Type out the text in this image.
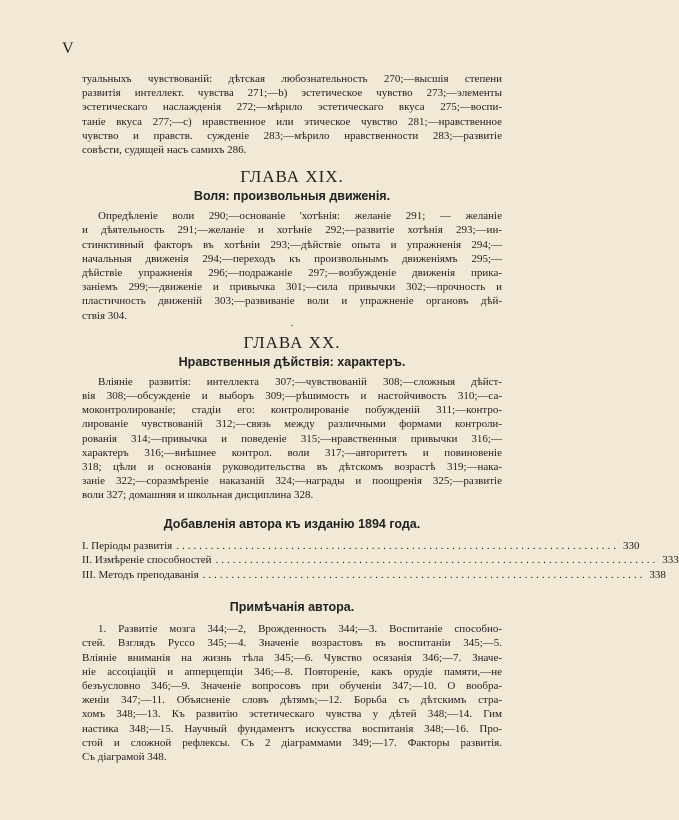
V

туальныхъ чувствованій: дѣтская любознательность 270;—высшія степени
развитія интеллект. чувства 271;—b) эстетическое чувство 273;—элементы
эстетическаго наслажденія 272;—мѣрило эстетическаго вкуса 275;—воспи-
таніе вкуса 277;—c) нравственное или этическое чувство 281;—нравственное
чувство и правств. сужденіе 283;—мѣрило нравственности 283;—развитіе
совѣсти, судящей насъ самихъ 286.

ГЛАВА XIX.
Воля: произвольныя движенія.

Опредѣленіе воли 290;—основаніе 'хотѣнія: желаніе 291; — желаніе
и дѣятельность 291;—желаніе и хотѣніе 292;—развитіе хотѣнія 293;—ин-
стинктивный факторъ въ хотѣніи 293;—дѣйствіе опыта и упражненія 294;—
начальныя движенія 294;—переходъ къ произвольнымъ движеніямъ 295;—
дѣйствіе упражненія 296;—подражаніе 297;—возбужденіе движенія прика-
заніемъ 299;—движеніе и привычка 301;—сила привычки 302;—прочность и
пластичность движеній 303;—развиваніе воли и упражненіе органовъ дѣй-
ствія 304.

·
ГЛАВА XX.
Нравственныя дѣйствія: характеръ.

Вліяніе развитія: интеллекта 307;—чувствованій 308;—сложныя дѣйст-
вія 308;—обсужденіе и выборъ 309;—рѣшимость и настойчивость 310;—са-
моконтролированіе; стадіи его: контролированіе побужденій 311;—контро-
лированіе чувствованій 312;—связь между различными формами контроли-
рованія 314;—привычка и поведеніе 315;—нравственныя привычки 316;—
характеръ 316;—внѣшнее контрол. воли 317;—авторитетъ и повиновеніе
318; цѣли и основанія руководительства въ дѣтскомъ возрастѣ 319;—нака-
заніе 322;—соразмѣреніе наказаній 324;—награды и поощренія 325;—развитіе
воли 327; домашняя и школьная дисциплина 328.

Добавленія автора къ изданію 1894 года.
I. Періоды развитія ............................................................................. 330
II. Измѣреніе способностей ............................................................................. 333
III. Методъ преподаванія ............................................................................. 338
Примѣчанія автора.

1. Развитіе мозга 344;—2, Врожденность 344;—3. Воспитаніе способно-
стей. Взглядъ Руссо 345;—4. Значеніе возрастовъ въ воспитаніи 345;—5.
Вліяніе вниманія на жизнь тѣла 345;—6. Чувство осязанія 346;—7. Значе-
ніе ассоціацій и апперцепціи 346;—8. Повтореніе, какъ орудіе памяти,—не
безъусловно 346;—9. Значеніе вопросовъ при обученіи 347;—10. О вообра-
женіи 347;—11. Объясненіе словъ дѣтямъ;—12. Борьба съ дѣтскимъ стра-
хомъ 348;—13. Къ развитію эстетическаго чувства у дѣтей 348;—14. Гим
настика 348;—15. Научный фундаментъ искусства воспитанія 348;—16. Про-
стой и сложной рефлексы. Съ 2 діаграммами 349;—17. Факторы развитія.
Съ діаграмой 348.
